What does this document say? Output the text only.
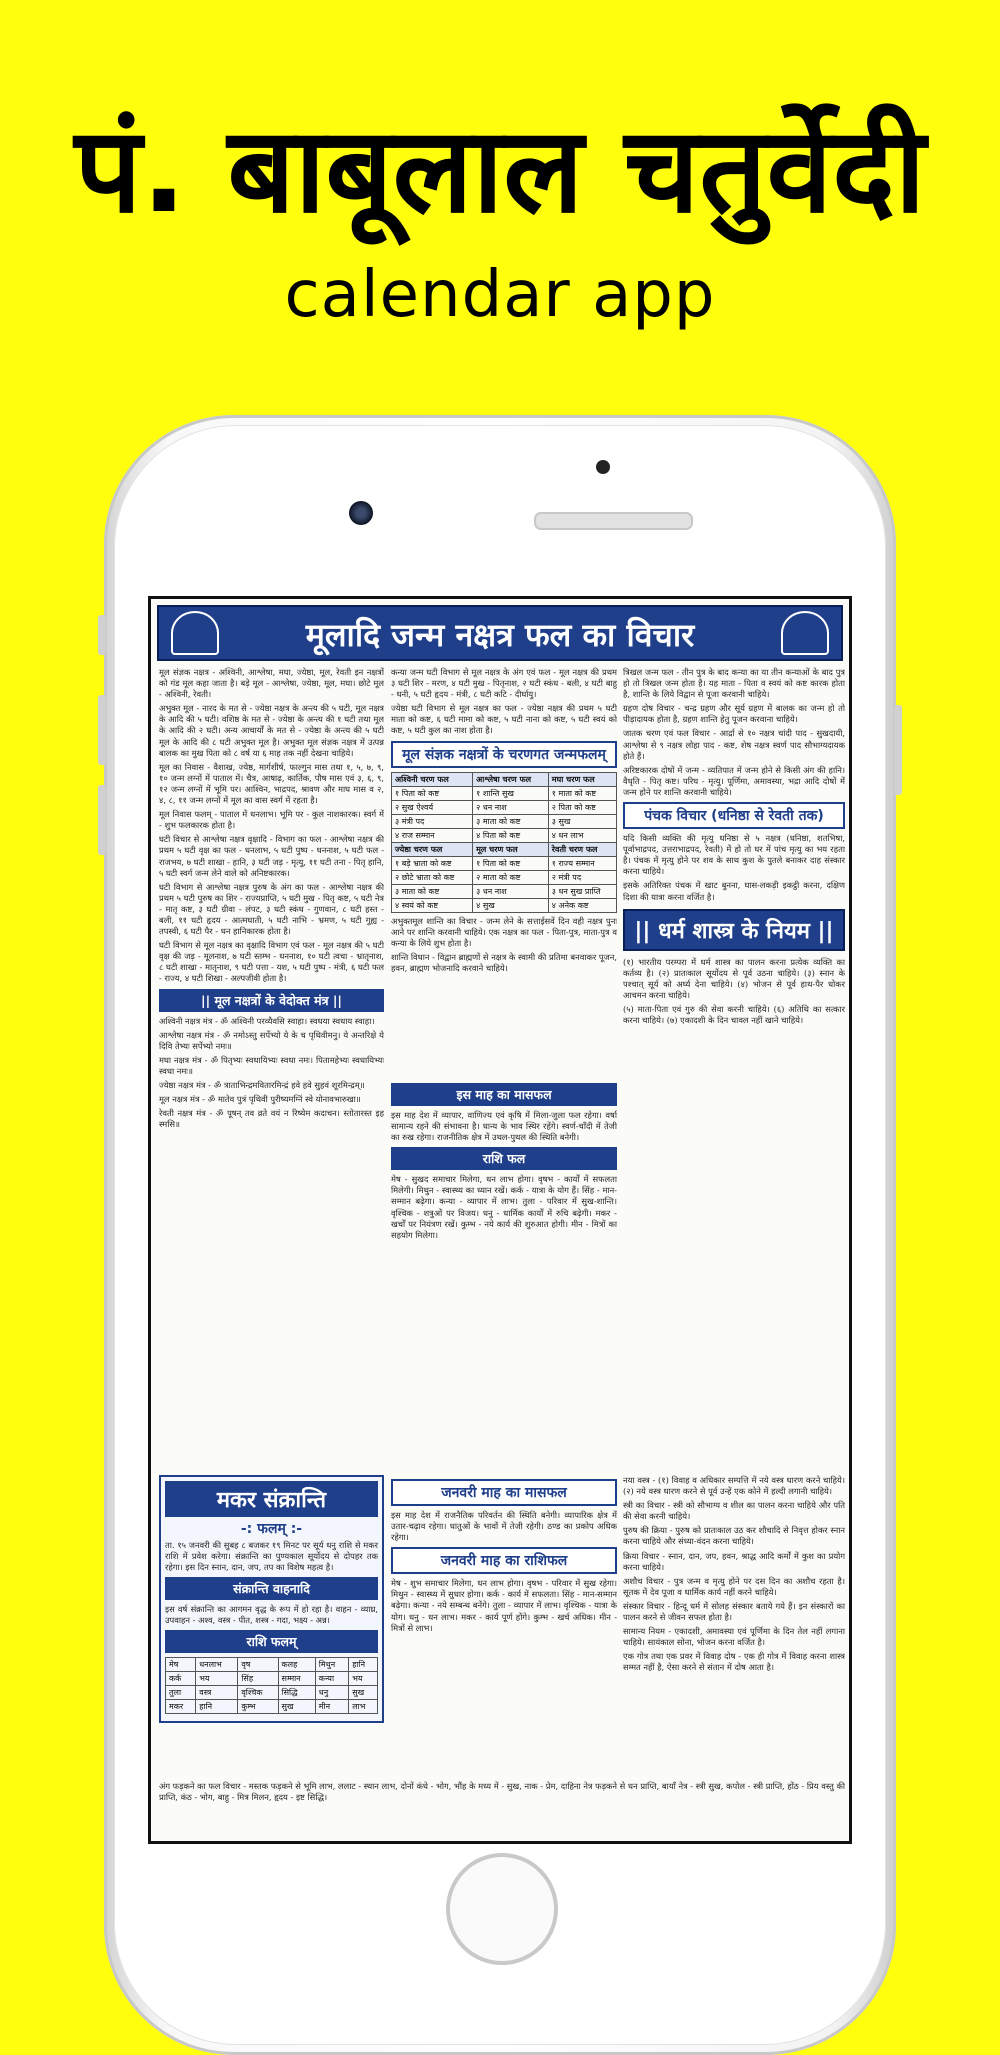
पं. बाबूलाल चतुर्वेदी
calendar app
मूलादि जन्म नक्षत्र फल का विचार

मूल संज्ञक नक्षत्र - अश्विनी, आश्लेषा, मघा, ज्येष्ठा, मूल, रेवती इन नक्षत्रों को गंड मूल कहा जाता है। बड़े मूल - आश्लेषा, ज्येष्ठा, मूल, मघा। छोटे मूल - अश्विनी, रेवती।

अभुक्त मूल - नारद के मत से - ज्येष्ठा नक्षत्र के अन्त्य की ५ घटी, मूल नक्षत्र के आदि की ५ घटी। वशिष्ठ के मत से - ज्येष्ठा के अन्त्य की १ घटी तथा मूल के आदि की २ घटी। अन्य आचार्यों के मत से - ज्येष्ठा के अन्त्य की ५ घटी मूल के आदि की ८ घटी अभुक्त मूल है। अभुक्त मूल संज्ञक नक्षत्र में उत्पन्न बालक का मुख पिता को ८ वर्ष या ६ माह तक नहीं देखना चाहिये।

मूल का निवास - वैशाख, ज्येष्ठ, मार्गशीर्ष, फाल्गुन मास तथा १, ५, ७, ९, १० जन्म लग्नों में पाताल में। चैत्र, आषाढ़, कार्तिक, पौष मास एवं ३, ६, ९, १२ जन्म लग्नों में भूमि पर। आश्विन, भाद्रपद, श्रावण और माघ मास व २, ४, ८, ११ जन्म लग्नों में मूल का वास स्वर्ग में रहता है।

मूल निवास फलम् - पाताल में धनलाभ। भूमि पर - कुल नाशकारक। स्वर्ग में - शुभ फलकारक होता है।

घटी विचार से आश्लेषा नक्षत्र वृक्षादि - विभाग का फल - आश्लेषा नक्षत्र की प्रथम ५ घटी वृक्ष का फल - धनलाभ, ५ घटी पुष्प - धननाश, ५ घटी फल - राजभय, ७ घटी शाखा - हानि, ३ घटी जड़ - मृत्यु, ११ घटी तना - पितृ हानि, ५ घटी स्वर्ग जन्म लेने वाले को अनिष्टकारक।

घटी विभाग से आश्लेषा नक्षत्र पुरुष के अंग का फल - आश्लेषा नक्षत्र की प्रथम ५ घटी पुरुष का शिर - राज्यप्राप्ति, ५ घटी मुख - पितृ कष्ट, ५ घटी नेत्र - मातृ कष्ट, ३ घटी ग्रीवा - लंपट, ३ घटी स्कंध - गुणवान, ८ घटी हस्त - बली, ११ घटी हृदय - आत्मघाती, ५ घटी नाभि - भ्रमण, ५ घटी गुह्य - तपस्वी, ६ घटी पैर - धन हानिकारक होता है।

घटी विभाग से मूल नक्षत्र का वृक्षादि विभाग एवं फल - मूल नक्षत्र की ५ घटी वृक्ष की जड़ - मूलनाश, ७ घटी स्तम्भ - धननाश, १० घटी त्वचा - भ्रातृनाश, ८ घटी शाखा - मातृनाश, ९ घटी पत्ता - यश, ५ घटी पुष्प - मंत्री, ६ घटी फल - राज्य, ४ घटी शिखा - अल्पजीवी होता है।

|| मूल नक्षत्रों के वेदोक्त मंत्र ||

अश्विनी नक्षत्र मंत्र - ॐ अश्विनी परव्यैवसि स्वाहा। स्वधया स्वधाय स्वाहा।

आश्लेषा नक्षत्र मंत्र - ॐ नमोऽस्तु सर्पेभ्यो ये के च पृथिवीमनु। ये अन्तरिक्षे ये दिवि तेभ्यः सर्पेभ्यो नमः॥

मघा नक्षत्र मंत्र - ॐ पितृभ्यः स्वधायिभ्यः स्वधा नमः। पितामहेभ्यः स्वधायिभ्यः स्वधा नमः॥

ज्येष्ठा नक्षत्र मंत्र - ॐ त्राताभिन्द्रमवितारमिन्द्रं हवे हवे सुहवं शूरमिन्द्रम्॥

मूल नक्षत्र मंत्र - ॐ मातेव पुत्रं पृथिवी पुरीष्यमग्निं स्वे योनावभारुखा॥

रेवती नक्षत्र मंत्र - ॐ पूषन् तव व्रते वयं न रिष्येम कदाचन। स्तोतारस्त इह स्मसि॥

कन्या जन्म घटी विभाग से मूल नक्षत्र के अंग एवं फल - मूल नक्षत्र की प्रथम ३ घटी शिर - मरण, ४ घटी मुख - पितृनाश, २ घटी स्कंध - बली, ४ घटी बाहु - धनी, ५ घटी हृदय - मंत्री, ८ घटी कटि - दीर्घायु।

ज्येष्ठा घटी विभाग से मूल नक्षत्र का फल - ज्येष्ठा नक्षत्र की प्रथम ५ घटी माता को कष्ट, ६ घटी मामा को कष्ट, ५ घटी नाना को कष्ट, ५ घटी स्वयं को कष्ट, ५ घटी कुल का नाश होता है।

मूल संज्ञक नक्षत्रों के चरणगत जन्मफलम्
अश्विनी चरण फल	आश्लेषा चरण फल	मघा चरण फल
१ पिता को कष्ट	१ शान्ति सुख	१ माता को कष्ट
२ सुख ऐश्वर्य	२ धन नाश	२ पिता को कष्ट
३ मंत्री पद	३ माता को कष्ट	३ सुख
४ राज सम्मान	४ पिता को कष्ट	४ धन लाभ
ज्येष्ठा चरण फल	मूल चरण फल	रेवती चरण फल
१ बड़े भ्राता को कष्ट	१ पिता को कष्ट	१ राज्य सम्मान
२ छोटे भ्राता को कष्ट	२ माता को कष्ट	२ मंत्री पद
३ माता को कष्ट	३ धन नाश	३ धन सुख प्राप्ति
४ स्वयं को कष्ट	४ सुख	४ अनेक कष्ट

अभुक्तमूल शान्ति का विचार - जन्म लेने के सत्ताईसवें दिन वही नक्षत्र पुनः आने पर शान्ति करवानी चाहिये। एक नक्षत्र का फल - पिता-पुत्र, माता-पुत्र व कन्या के लिये शुभ होता है।

शान्ति विधान - विद्वान ब्राह्मणों से नक्षत्र के स्वामी की प्रतिमा बनवाकर पूजन, हवन, ब्राह्मण भोजनादि करवाने चाहिये।

इस माह का मासफल

इस माह देश में व्यापार, वाणिज्य एवं कृषि में मिला-जुला फल रहेगा। वर्षा सामान्य रहने की संभावना है। धान्य के भाव स्थिर रहेंगे। स्वर्ण-चाँदी में तेजी का रुख रहेगा। राजनीतिक क्षेत्र में उथल-पुथल की स्थिति बनेगी।

राशि फल

मेष - सुखद समाचार मिलेगा, धन लाभ होगा। वृषभ - कार्यों में सफलता मिलेगी। मिथुन - स्वास्थ्य का ध्यान रखें। कर्क - यात्रा के योग हैं। सिंह - मान-सम्मान बढ़ेगा। कन्या - व्यापार में लाभ। तुला - परिवार में सुख-शान्ति। वृश्चिक - शत्रुओं पर विजय। धनु - धार्मिक कार्यों में रुचि बढ़ेगी। मकर - खर्चों पर नियंत्रण रखें। कुम्भ - नये कार्य की शुरुआत होगी। मीन - मित्रों का सहयोग मिलेगा।

त्रिखल जन्म फल - तीन पुत्र के बाद कन्या का या तीन कन्याओं के बाद पुत्र हो तो त्रिखल जन्म होता है। यह माता - पिता व स्वयं को कष्ट कारक होता है, शान्ति के लिये विद्वान से पूजा करवानी चाहिये।

ग्रहण दोष विचार - चन्द्र ग्रहण और सूर्य ग्रहण में बालक का जन्म हो तो पीड़ादायक होता है, ग्रहण शान्ति हेतु पूजन करवाना चाहिये।

जातक चरण एवं फल विचार - आर्द्रा से १० नक्षत्र चांदी पाद - सुखदायी, आश्लेषा से ९ नक्षत्र लोहा पाद - कष्ट, शेष नक्षत्र स्वर्ण पाद सौभाग्यदायक होते हैं।

अरिष्टकारक दोषों में जन्म - व्यतिपात में जन्म होने से किसी अंग की हानि। वैधृति - पितृ कष्ट। परिघ - मृत्यु। पूर्णिमा, अमावस्या, भद्रा आदि दोषों में जन्म होने पर शान्ति करवानी चाहिये।

पंचक विचार (धनिष्ठा से रेवती तक)

यदि किसी व्यक्ति की मृत्यु धनिष्ठा से ५ नक्षत्र (धनिष्ठा, शतभिषा, पूर्वाभाद्रपद, उत्तराभाद्रपद, रेवती) में हो तो घर में पांच मृत्यु का भय रहता है। पंचक में मृत्यु होने पर शव के साथ कुश के पुतले बनाकर दाह संस्कार करना चाहिये।

इसके अतिरिक्त पंचक में खाट बुनना, घास-लकड़ी इकट्ठी करना, दक्षिण दिशा की यात्रा करना वर्जित है।

|| धर्म शास्त्र के नियम ||

(१) भारतीय परम्परा में धर्म शास्त्र का पालन करना प्रत्येक व्यक्ति का कर्तव्य है। (२) प्रातःकाल सूर्योदय से पूर्व उठना चाहिये। (३) स्नान के पश्चात् सूर्य को अर्घ्य देना चाहिये। (४) भोजन से पूर्व हाथ-पैर धोकर आचमन करना चाहिये।

(५) माता-पिता एवं गुरु की सेवा करनी चाहिये। (६) अतिथि का सत्कार करना चाहिये। (७) एकादशी के दिन चावल नहीं खाने चाहिये।

मकर संक्रान्ति
-: फलम् :-

ता. १५ जनवरी की सुबह ८ बजकर १९ मिनट पर सूर्य धनु राशि से मकर राशि में प्रवेश करेगा। संक्रान्ति का पुण्यकाल सूर्योदय से दोपहर तक रहेगा। इस दिन स्नान, दान, जप, तप का विशेष महत्व है।

संक्रान्ति वाहनादि

इस वर्ष संक्रान्ति का आगमन वृद्ध के रूप में हो रहा है। वाहन - व्याघ्र, उपवाहन - अश्व, वस्त्र - पीत, शस्त्र - गदा, भक्ष्य - अन्न।

राशि फलम्
मेष	धनलाभ	वृष	कलह	मिथुन	हानि
कर्क	भय	सिंह	सम्मान	कन्या	भय
तुला	वस्त्र	वृश्चिक	सिद्धि	धनु	सुख
मकर	हानि	कुम्भ	सुख	मीन	लाभ
जनवरी माह का मासफल

इस माह देश में राजनैतिक परिवर्तन की स्थिति बनेगी। व्यापारिक क्षेत्र में उतार-चढ़ाव रहेगा। धातुओं के भावों में तेजी रहेगी। ठण्ड का प्रकोप अधिक रहेगा।

जनवरी माह का राशिफल

मेष - शुभ समाचार मिलेगा, धन लाभ होगा। वृषभ - परिवार में सुख रहेगा। मिथुन - स्वास्थ्य में सुधार होगा। कर्क - कार्य में सफलता। सिंह - मान-सम्मान बढ़ेगा। कन्या - नये सम्बन्ध बनेंगे। तुला - व्यापार में लाभ। वृश्चिक - यात्रा के योग। धनु - धन लाभ। मकर - कार्य पूर्ण होंगे। कुम्भ - खर्च अधिक। मीन - मित्रों से लाभ।

नया वस्त्र - (१) विवाह व अधिकार सम्पत्ति में नये वस्त्र धारण करने चाहिये। (२) नये वस्त्र धारण करने से पूर्व उन्हें एक कोने में हल्दी लगानी चाहिये।

स्त्री का विचार - स्त्री को सौभाग्य व शील का पालन करना चाहिये और पति की सेवा करनी चाहिये।

पुरुष की क्रिया - पुरुष को प्रातःकाल उठ कर शौचादि से निवृत्त होकर स्नान करना चाहिये और संध्या-वंदन करना चाहिये।

क्रिया विचार - स्नान, दान, जप, हवन, श्राद्ध आदि कर्मों में कुश का प्रयोग करना चाहिये।

अशौच विचार - पुत्र जन्म व मृत्यु होने पर दस दिन का अशौच रहता है। सूतक में देव पूजा व धार्मिक कार्य नहीं करने चाहिये।

संस्कार विचार - हिन्दू धर्म में सोलह संस्कार बताये गये हैं। इन संस्कारों का पालन करने से जीवन सफल होता है।

सामान्य नियम - एकादशी, अमावस्या एवं पूर्णिमा के दिन तेल नहीं लगाना चाहिये। सायंकाल सोना, भोजन करना वर्जित है।

एक गोत्र तथा एक प्रवर में विवाह दोष - एक ही गोत्र में विवाह करना शास्त्र सम्मत नहीं है, ऐसा करने से संतान में दोष आता है।

अंग फड़कने का फल विचार - मस्तक फड़कने से भूमि लाभ, ललाट - स्थान लाभ, दोनों कंधे - भोग, भौंह के मध्य में - सुख, नाक - प्रेम, दाहिना नेत्र फड़कने से धन प्राप्ति, बायाँ नेत्र - स्त्री सुख, कपोल - स्त्री प्राप्ति, होंठ - प्रिय वस्तु की प्राप्ति, कंठ - भोग, बाहु - मित्र मिलन, हृदय - इष्ट सिद्धि।
